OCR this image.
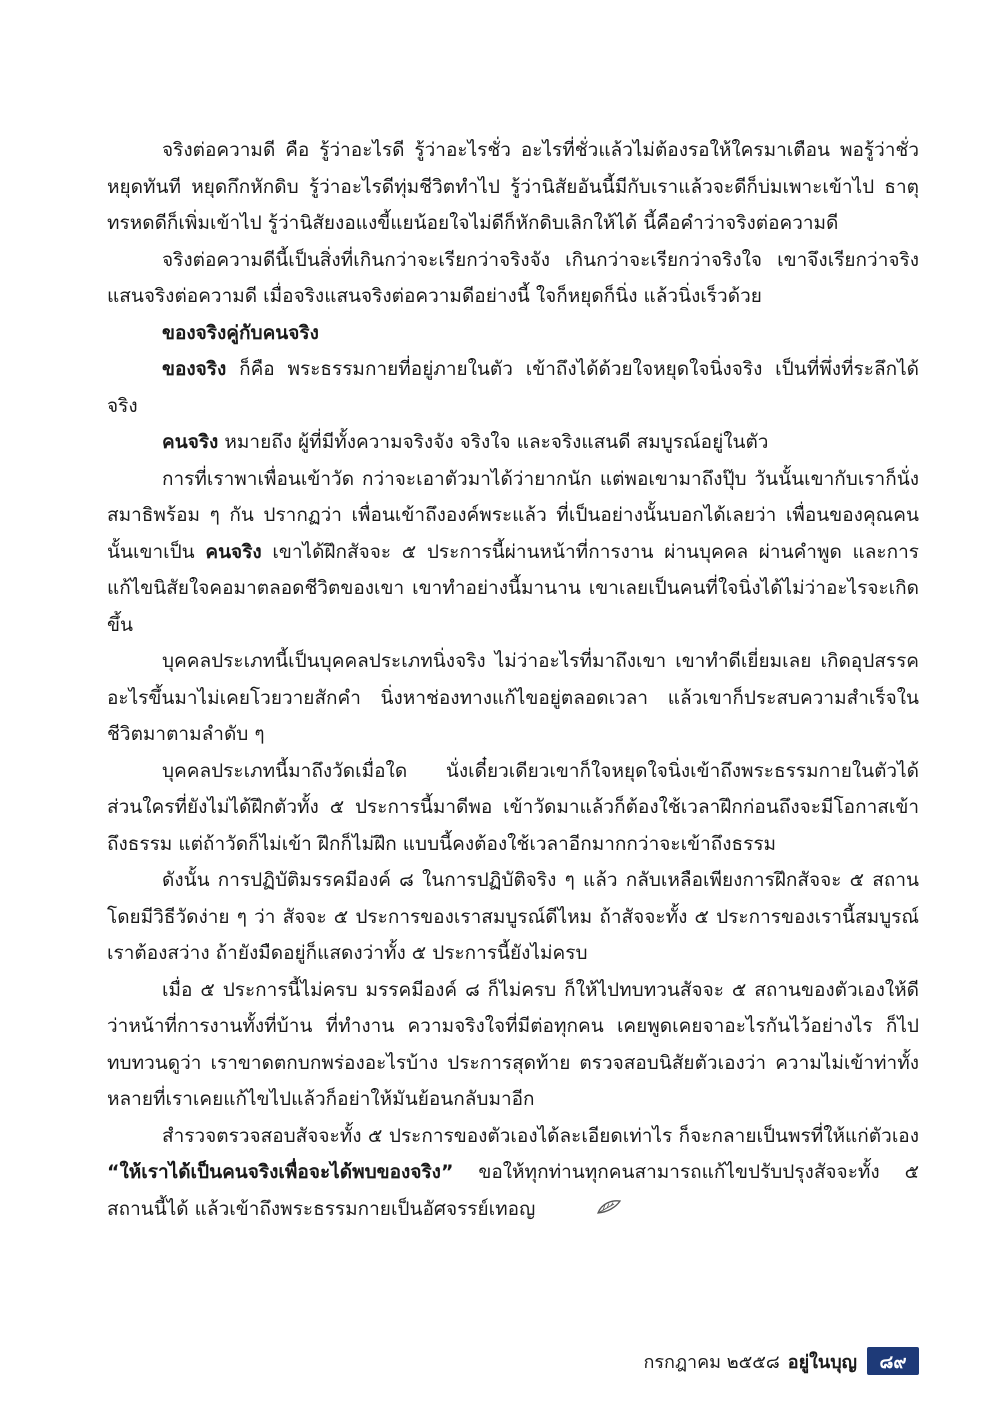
จริงต่อความดี คือ รู้ว่าอะไรดี รู้ว่าอะไรชั่ว อะไรที่ชั่วแล้วไม่ต้องรอให้ใครมาเตือน พอรู้ว่าชั่วหยุดทันที หยุดกึกหักดิบ รู้ว่าอะไรดีทุ่มชีวิตทำไป รู้ว่านิสัยอันนี้มีกับเราแล้วจะดีก็บ่มเพาะเข้าไป ธาตุทรหดดีก็เพิ่มเข้าไป รู้ว่านิสัยงอแงขี้แยน้อยใจไม่ดีก็หักดิบเลิกให้ได้ นี้คือคำว่าจริงต่อความดี

จริงต่อความดีนี้เป็นสิ่งที่เกินกว่าจะเรียกว่าจริงจัง เกินกว่าจะเรียกว่าจริงใจ เขาจึงเรียกว่าจริงแสนจริงต่อความดี เมื่อจริงแสนจริงต่อความดีอย่างนี้ ใจก็หยุดก็นิ่ง แล้วนิ่งเร็วด้วย

ของจริงคู่กับคนจริง

ของจริง ก็คือ พระธรรมกายที่อยู่ภายในตัว เข้าถึงได้ด้วยใจหยุดใจนิ่งจริง เป็นที่พึ่งที่ระลึกได้จริง

คนจริง หมายถึง ผู้ที่มีทั้งความจริงจัง จริงใจ และจริงแสนดี สมบูรณ์อยู่ในตัว

การที่เราพาเพื่อนเข้าวัด กว่าจะเอาตัวมาได้ว่ายากนัก แต่พอเขามาถึงปุ๊บ วันนั้นเขากับเราก็นั่งสมาธิพร้อม ๆ กัน ปรากฏว่า เพื่อนเข้าถึงองค์พระแล้ว ที่เป็นอย่างนั้นบอกได้เลยว่า เพื่อนของคุณคนนั้นเขาเป็น คนจริง เขาได้ฝึกสัจจะ ๕ ประการนี้ผ่านหน้าที่การงาน ผ่านบุคคล ผ่านคำพูด และการแก้ไขนิสัยใจคอมาตลอดชีวิตของเขา เขาทำอย่างนี้มานาน เขาเลยเป็นคนที่ใจนิ่งได้ไม่ว่าอะไรจะเกิดขึ้น

บุคคลประเภทนี้เป็นบุคคลประเภทนิ่งจริง ไม่ว่าอะไรที่มาถึงเขา เขาทำดีเยี่ยมเลย เกิดอุปสรรคอะไรขึ้นมาไม่เคยโวยวายสักคำ นิ่งหาช่องทางแก้ไขอยู่ตลอดเวลา แล้วเขาก็ประสบความสำเร็จในชีวิตมาตามลำดับ ๆ

บุคคลประเภทนี้มาถึงวัดเมื่อใด นั่งเดี๋ยวเดียวเขาก็ใจหยุดใจนิ่งเข้าถึงพระธรรมกายในตัวได้ ส่วนใครที่ยังไม่ได้ฝึกตัวทั้ง ๕ ประการนี้มาดีพอ เข้าวัดมาแล้วก็ต้องใช้เวลาฝึกก่อนถึงจะมีโอกาสเข้าถึงธรรม แต่ถ้าวัดก็ไม่เข้า ฝึกก็ไม่ฝึก แบบนี้คงต้องใช้เวลาอีกมากกว่าจะเข้าถึงธรรม

ดังนั้น การปฏิบัติมรรคมีองค์ ๘ ในการปฏิบัติจริง ๆ แล้ว กลับเหลือเพียงการฝึกสัจจะ ๕ สถาน โดยมีวิธีวัดง่าย ๆ ว่า สัจจะ ๕ ประการของเราสมบูรณ์ดีไหม ถ้าสัจจะทั้ง ๕ ประการของเรานี้สมบูรณ์ เราต้องสว่าง ถ้ายังมืดอยู่ก็แสดงว่าทั้ง ๕ ประการนี้ยังไม่ครบ

เมื่อ ๕ ประการนี้ไม่ครบ มรรคมีองค์ ๘ ก็ไม่ครบ ก็ให้ไปทบทวนสัจจะ ๕ สถานของตัวเองให้ดี ว่าหน้าที่การงานทั้งที่บ้าน ที่ทำงาน ความจริงใจที่มีต่อทุกคน เคยพูดเคยจาอะไรกันไว้อย่างไร ก็ไปทบทวนดูว่า เราขาดตกบกพร่องอะไรบ้าง ประการสุดท้าย ตรวจสอบนิสัยตัวเองว่า ความไม่เข้าท่าทั้งหลายที่เราเคยแก้ไขไปแล้วก็อย่าให้มันย้อนกลับมาอีก

สำรวจตรวจสอบสัจจะทั้ง ๕ ประการของตัวเองได้ละเอียดเท่าไร ก็จะกลายเป็นพรที่ให้แก่ตัวเอง “ให้เราได้เป็นคนจริงเพื่อจะได้พบของจริง” ขอให้ทุกท่านทุกคนสามารถแก้ไขปรับปรุงสัจจะทั้ง ๕ สถานนี้ได้ แล้วเข้าถึงพระธรรมกายเป็นอัศจรรย์เทอญ

กรกฎาคม ๒๕๕๘ อยู่ในบุญ	๘๙
